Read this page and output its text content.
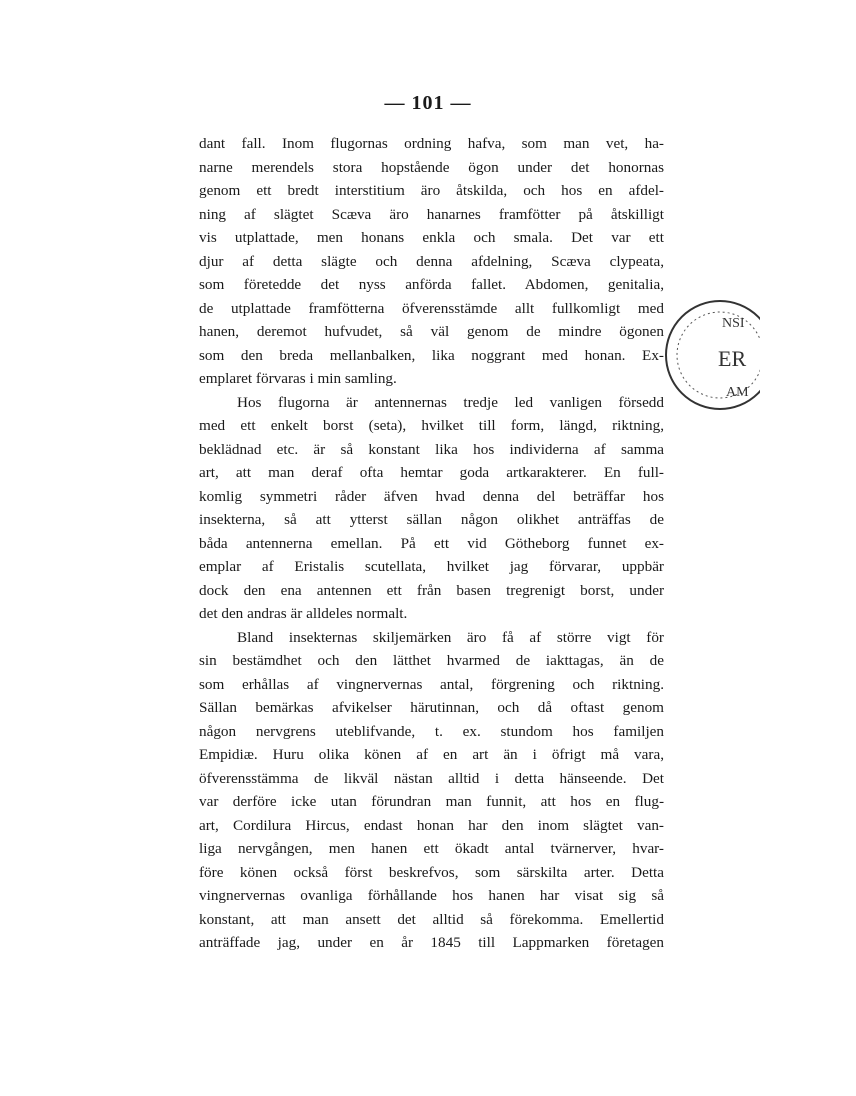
— 101 —
dant fall. Inom flugornas ordning hafva, som man vet, ha-
narne merendels stora hopstående ögon under det honornas
genom ett bredt interstitium äro åtskilda, och hos en afdel-
ning af slägtet Scæva äro hanarnes framfötter på åtskilligt
vis utplattade, men honans enkla och smala. Det var ett
djur af detta slägte och denna afdelning, Scæva clypeata,
som företedde det nyss anförda fallet. Abdomen, genitalia,
de utplattade framfötterna öfverensstämde allt fullkomligt med
hanen, deremot hufvudet, så väl genom de mindre ögonen
som den breda mellanbalken, lika noggrant med honan. Ex-
emplaret förvaras i min samling.
Hos flugorna är antennernas tredje led vanligen försedd
med ett enkelt borst (seta), hvilket till form, längd, riktning,
beklädnad etc. är så konstant lika hos individerna af samma
art, att man deraf ofta hemtar goda artkarakterer. En full-
komlig symmetri råder äfven hvad denna del beträffar hos
insekterna, så att ytterst sällan någon olikhet anträffas de
båda antennerna emellan. På ett vid Götheborg funnet ex-
emplar af Eristalis scutellata, hvilket jag förvarar, uppbär
dock den ena antennen ett från basen tregrenigt borst, under
det den andras är alldeles normalt.
Bland insekternas skiljemärken äro få af större vigt för
sin bestämdhet och den lätthet hvarmed de iakttagas, än de
som erhållas af vingnervernas antal, förgrening och riktning.
Sällan bemärkas afvikelser härutinnan, och då oftast genom
någon nervgrens uteblifvande, t. ex. stundom hos familjen
Empidiæ. Huru olika könen af en art än i öfrigt må vara,
öfverensstämma de likväl nästan alltid i detta hänseende. Det
var derföre icke utan förundran man funnit, att hos en flug-
art, Cordilura Hircus, endast honan har den inom slägtet van-
liga nervgången, men hanen ett ökadt antal tvärnerver, hvar-
före könen också först beskrefvos, som särskilta arter. Detta
vingnervernas ovanliga förhållande hos hanen har visat sig så
konstant, att man ansett det alltid så förekomma. Emellertid
anträffade jag, under en år 1845 till Lappmarken företagen
NSI
ER
AM
